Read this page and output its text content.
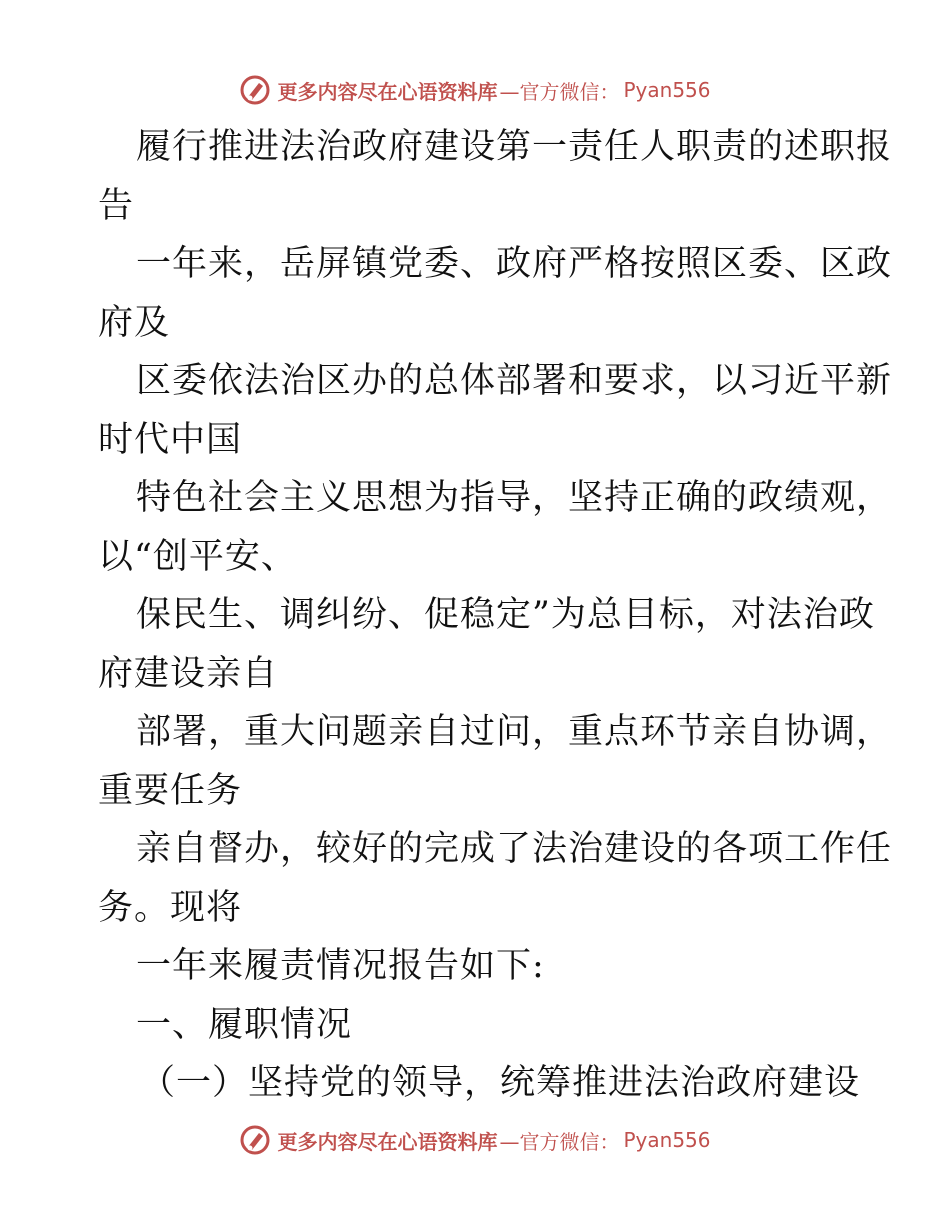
更多内容尽在心语资料库 —官方微信： Pyan556
履行推进法治政府建设第一责任人职责的述职报
告
一年来，岳屏镇党委、政府严格按照区委、区政
府及
区委依法治区办的总体部署和要求，以习近平新
时代中国
特色社会主义思想为指导，坚持正确的政绩观，
以“创平安、
保民生、调纠纷、促稳定”为总目标，对法治政
府建设亲自
部署，重大问题亲自过问，重点环节亲自协调，
重要任务
亲自督办，较好的完成了法治建设的各项工作任
务。现将
一年来履责情况报告如下:
一、履职情况
（一）坚持党的领导，统筹推进法治政府建设
更多内容尽在心语资料库 —官方微信： Pyan556
